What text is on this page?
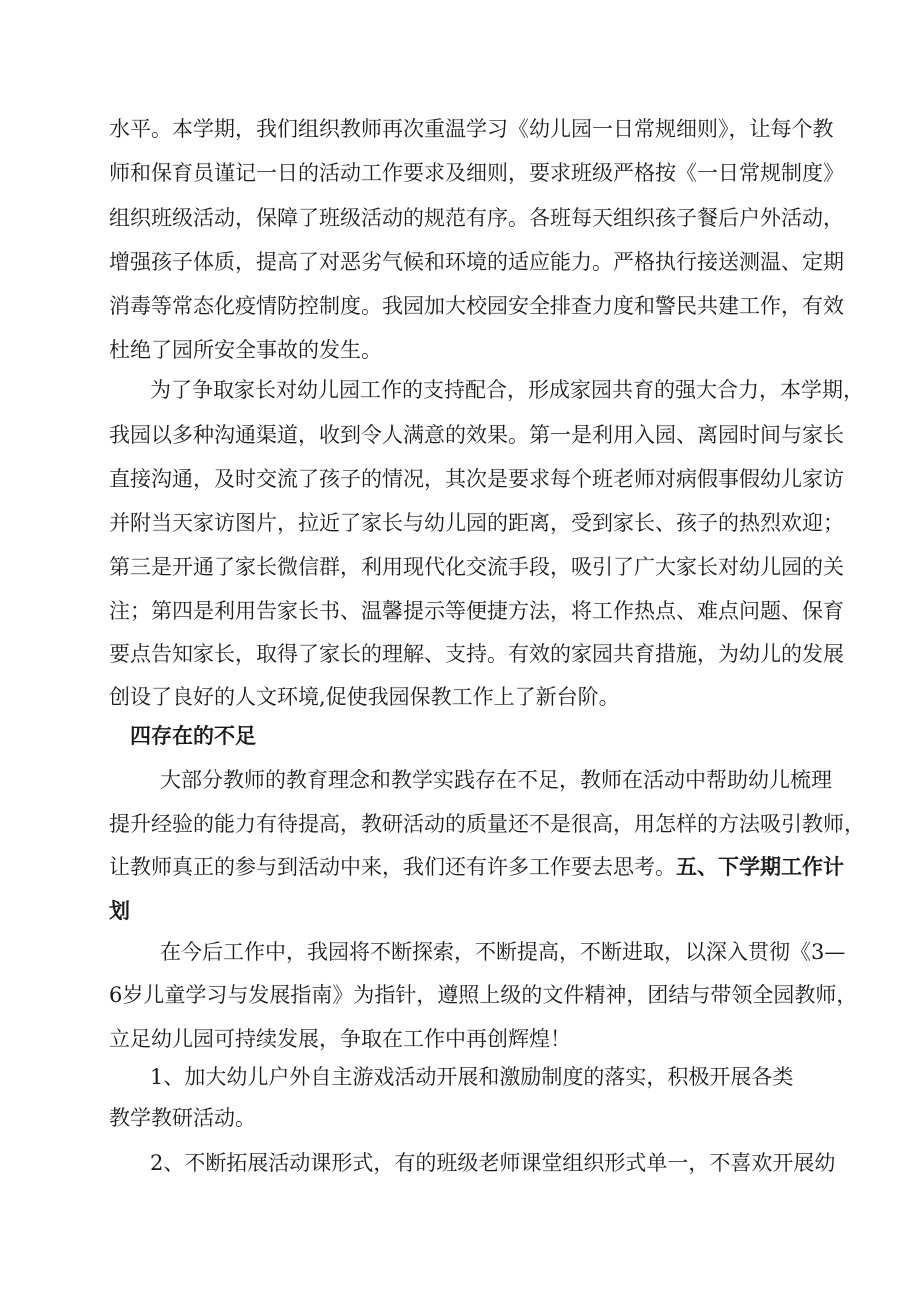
水平。本学期，我们组织教师再次重温学习《幼儿园一日常规细则》，让每个教
师和保育员谨记一日的活动工作要求及细则，要求班级严格按《一日常规制度》
组织班级活动，保障了班级活动的规范有序。各班每天组织孩子餐后户外活动，
增强孩子体质，提高了对恶劣气候和环境的适应能力。严格执行接送测温、定期
消毒等常态化疫情防控制度。我园加大校园安全排查力度和警民共建工作，有效
杜绝了园所安全事故的发生。
为了争取家长对幼儿园工作的支持配合，形成家园共育的强大合力，本学期，
我园以多种沟通渠道，收到令人满意的效果。第一是利用入园、离园时间与家长
直接沟通，及时交流了孩子的情况，其次是要求每个班老师对病假事假幼儿家访
并附当天家访图片，拉近了家长与幼儿园的距离，受到家长、孩子的热烈欢迎；
第三是开通了家长微信群，利用现代化交流手段，吸引了广大家长对幼儿园的关
注；第四是利用告家长书、温馨提示等便捷方法，将工作热点、难点问题、保育
要点告知家长，取得了家长的理解、支持。有效的家园共育措施，为幼儿的发展
创设了良好的人文环境,促使我园保教工作上了新台阶。
四存在的不足
大部分教师的教育理念和教学实践存在不足，教师在活动中帮助幼儿梳理
提升经验的能力有待提高，教研活动的质量还不是很高，用怎样的方法吸引教师，
让教师真正的参与到活动中来，我们还有许多工作要去思考。五、下学期工作计
划
在今后工作中，我园将不断探索，不断提高，不断进取，以深入贯彻《3—
6岁儿童学习与发展指南》为指针，遵照上级的文件精神，团结与带领全园教师，
立足幼儿园可持续发展，争取在工作中再创辉煌！
1、加大幼儿户外自主游戏活动开展和激励制度的落实，积极开展各类
教学教研活动。
2、不断拓展活动课形式，有的班级老师课堂组织形式单一，不喜欢开展幼
